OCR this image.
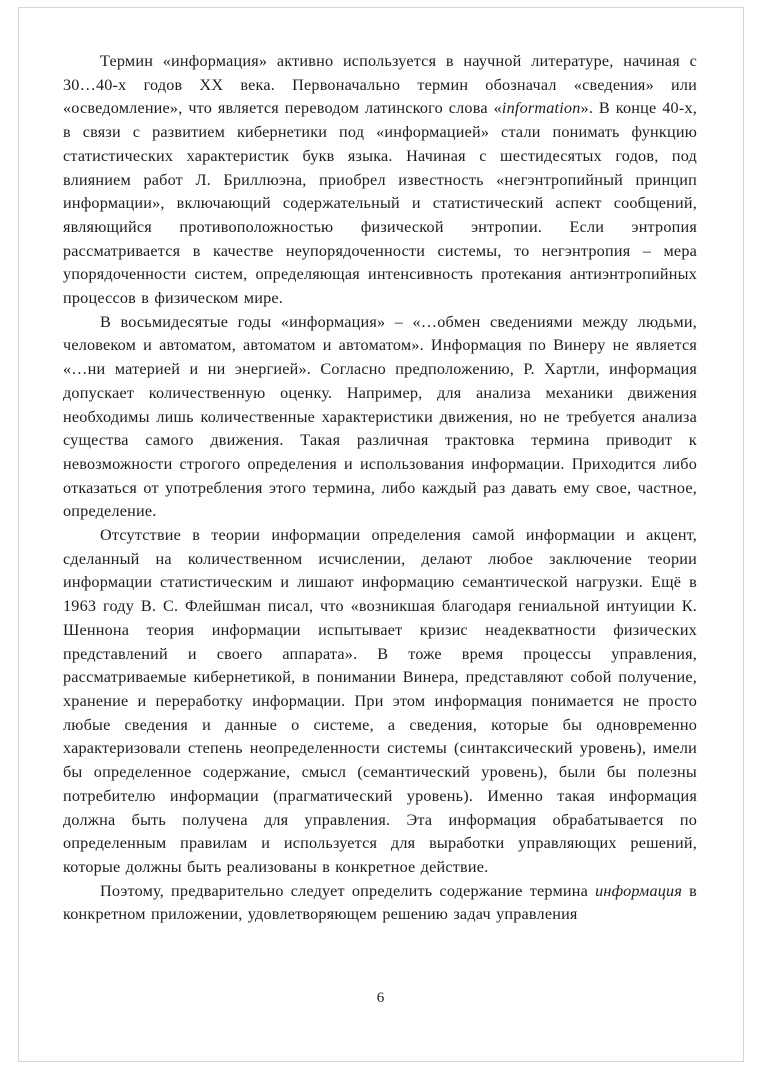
Термин «информация» активно используется в научной литературе, начиная с 30…40-х годов XX века. Первоначально термин обозначал «сведения» или «осведомление», что является переводом латинского слова «information». В конце 40-х, в связи с развитием кибернетики под «информацией» стали понимать функцию статистических характеристик букв языка. Начиная с шестидесятых годов, под влиянием работ Л. Бриллюэна, приобрел известность «негэнтропийный принцип информации», включающий содержательный и статистический аспект сообщений, являющийся противоположностью физической энтропии. Если энтропия рассматривается в качестве неупорядоченности системы, то негэнтропия – мера упорядоченности систем, определяющая интенсивность протекания антиэнтропийных процессов в физическом мире.

В восьмидесятые годы «информация» – «…обмен сведениями между людьми, человеком и автоматом, автоматом и автоматом». Информация по Винеру не является «…ни материей и ни энергией». Согласно предположению, Р. Хартли, информация допускает количественную оценку. Например, для анализа механики движения необходимы лишь количественные характеристики движения, но не требуется анализа существа самого движения. Такая различная трактовка термина приводит к невозможности строгого определения и использования информации. Приходится либо отказаться от употребления этого термина, либо каждый раз давать ему свое, частное, определение.

Отсутствие в теории информации определения самой информации и акцент, сделанный на количественном исчислении, делают любое заключение теории информации статистическим и лишают информацию семантической нагрузки. Ещё в 1963 году В. С. Флейшман писал, что «возникшая благодаря гениальной интуиции К. Шеннона теория информации испытывает кризис неадекватности физических представлений и своего аппарата». В тоже время процессы управления, рассматриваемые кибернетикой, в понимании Винера, представляют собой получение, хранение и переработку информации. При этом информация понимается не просто любые сведения и данные о системе, а сведения, которые бы одновременно характеризовали степень неопределенности системы (синтаксический уровень), имели бы определенное содержание, смысл (семантический уровень), были бы полезны потребителю информации (прагматический уровень). Именно такая информация должна быть получена для управления. Эта информация обрабатывается по определенным правилам и используется для выработки управляющих решений, которые должны быть реализованы в конкретное действие.

Поэтому, предварительно следует определить содержание термина информация в конкретном приложении, удовлетворяющем решению задач управления

6
